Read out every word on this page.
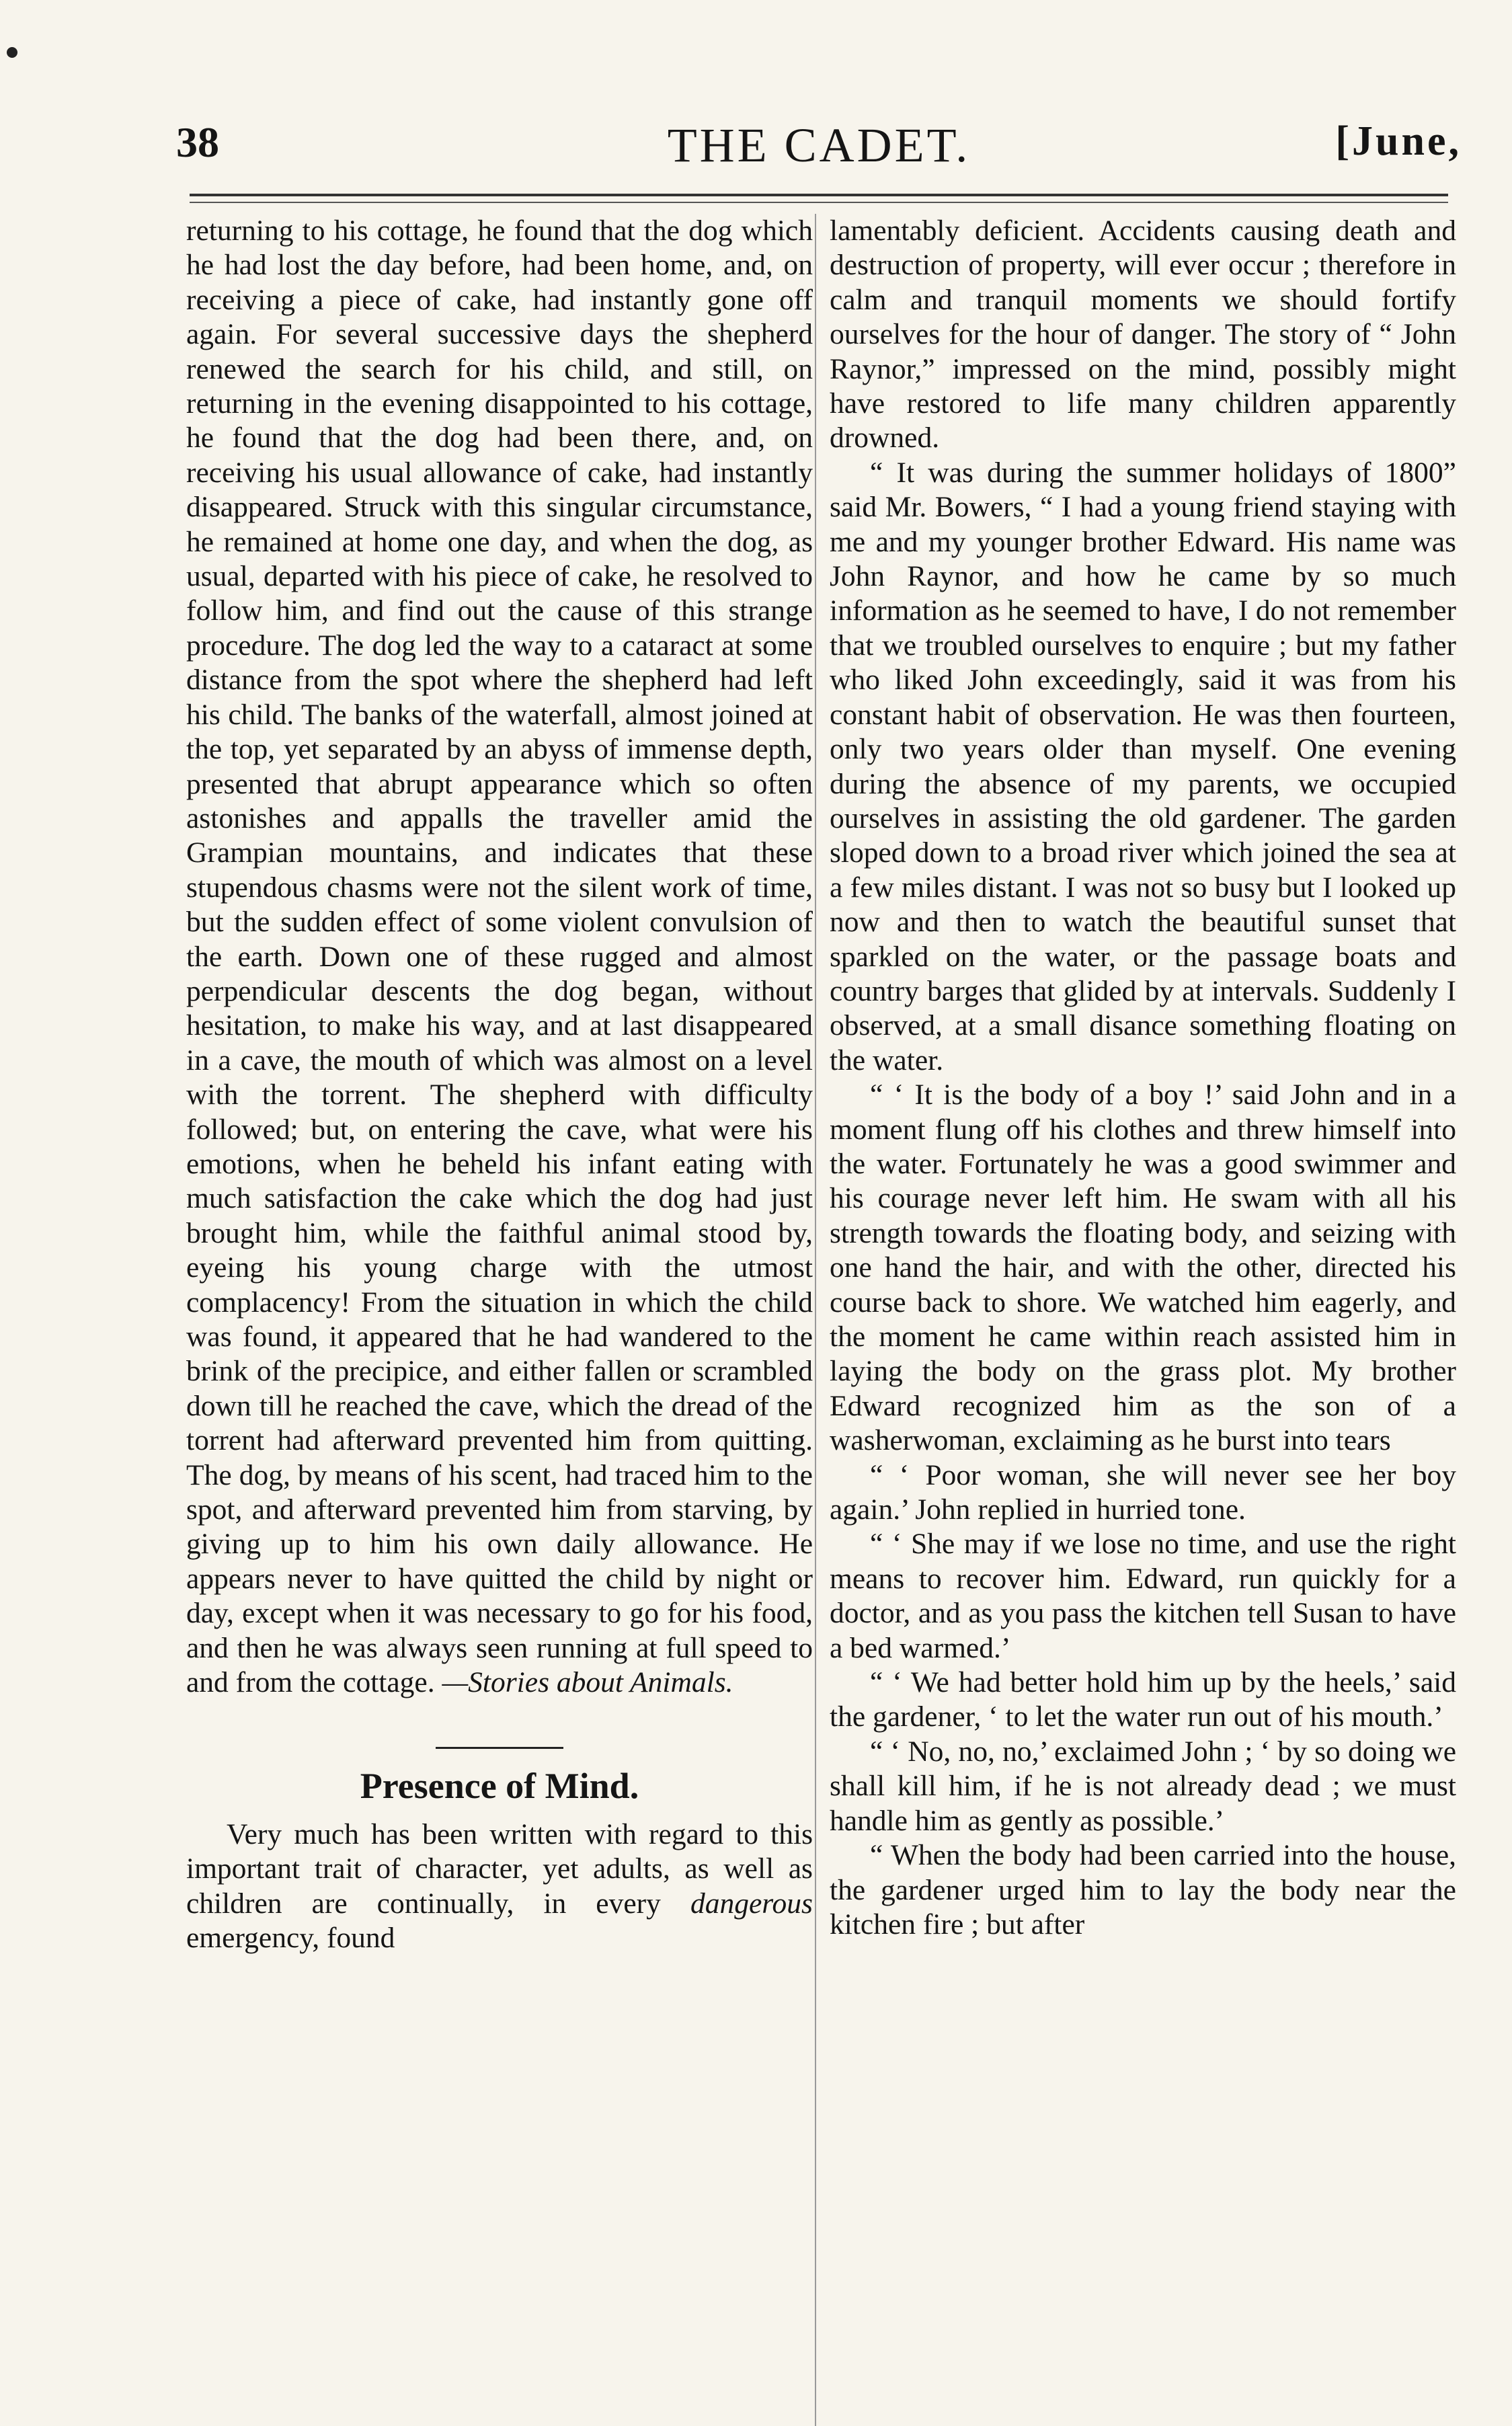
38	THE CADET.	[June,

returning to his cottage, he found that the dog which he had lost the day before, had been home, and, on receiving a piece of cake, had instantly gone off again. For several successive days the shepherd renewed the search for his child, and still, on returning in the evening disappointed to his cottage, he found that the dog had been there, and, on receiving his usual allowance of cake, had instantly disappeared. Struck with this singular circumstance, he remained at home one day, and when the dog, as usual, departed with his piece of cake, he resolved to follow him, and find out the cause of this strange procedure. The dog led the way to a cataract at some distance from the spot where the shepherd had left his child. The banks of the waterfall, almost joined at the top, yet separated by an abyss of immense depth, presented that abrupt appearance which so often astonishes and appalls the traveller amid the Grampian mountains, and indicates that these stupendous chasms were not the silent work of time, but the sudden effect of some violent convulsion of the earth. Down one of these rugged and almost perpendicular descents the dog began, without hesitation, to make his way, and at last disappeared in a cave, the mouth of which was almost on a level with the torrent. The shepherd with difficulty followed; but, on entering the cave, what were his emotions, when he beheld his infant eating with much satisfaction the cake which the dog had just brought him, while the faithful animal stood by, eyeing his young charge with the utmost complacency! From the situation in which the child was found, it appeared that he had wandered to the brink of the precipice, and either fallen or scrambled down till he reached the cave, which the dread of the torrent had afterward prevented him from quitting. The dog, by means of his scent, had traced him to the spot, and afterward prevented him from starving, by giving up to him his own daily allowance. He appears never to have quitted the child by night or day, except when it was necessary to go for his food, and then he was always seen running at full speed to and from the cottage. —Stories about Animals.

Presence of Mind.

Very much has been written with regard to this important trait of character, yet adults, as well as children are continually, in every dangerous emergency, found

lamentably deficient. Accidents causing death and destruction of property, will ever occur ; therefore in calm and tranquil moments we should fortify ourselves for the hour of danger. The story of “ John Raynor,” impressed on the mind, possibly might have restored to life many children apparently drowned.

“ It was during the summer holidays of 1800” said Mr. Bowers, “ I had a young friend staying with me and my younger brother Edward. His name was John Raynor, and how he came by so much information as he seemed to have, I do not remember that we troubled ourselves to enquire ; but my father who liked John exceedingly, said it was from his constant habit of observation. He was then fourteen, only two years older than myself. One evening during the absence of my parents, we occupied ourselves in assisting the old gardener. The garden sloped down to a broad river which joined the sea at a few miles distant. I was not so busy but I looked up now and then to watch the beautiful sunset that sparkled on the water, or the passage boats and country barges that glided by at intervals. Suddenly I observed, at a small disance something floating on the water.

“ ‘ It is the body of a boy !’ said John and in a moment flung off his clothes and threw himself into the water. Fortunately he was a good swimmer and his courage never left him. He swam with all his strength towards the floating body, and seizing with one hand the hair, and with the other, directed his course back to shore. We watched him eagerly, and the moment he came within reach assisted him in laying the body on the grass plot. My brother Edward recognized him as the son of a washerwoman, exclaiming as he burst into tears

“ ‘ Poor woman, she will never see her boy again.’ John replied in hurried tone.

“ ‘ She may if we lose no time, and use the right means to recover him. Edward, run quickly for a doctor, and as you pass the kitchen tell Susan to have a bed warmed.’

“ ‘ We had better hold him up by the heels,’ said the gardener, ‘ to let the water run out of his mouth.’

“ ‘ No, no, no,’ exclaimed John ; ‘ by so doing we shall kill him, if he is not already dead ; we must handle him as gently as possible.’

“ When the body had been carried into the house, the gardener urged him to lay the body near the kitchen fire ; but after
